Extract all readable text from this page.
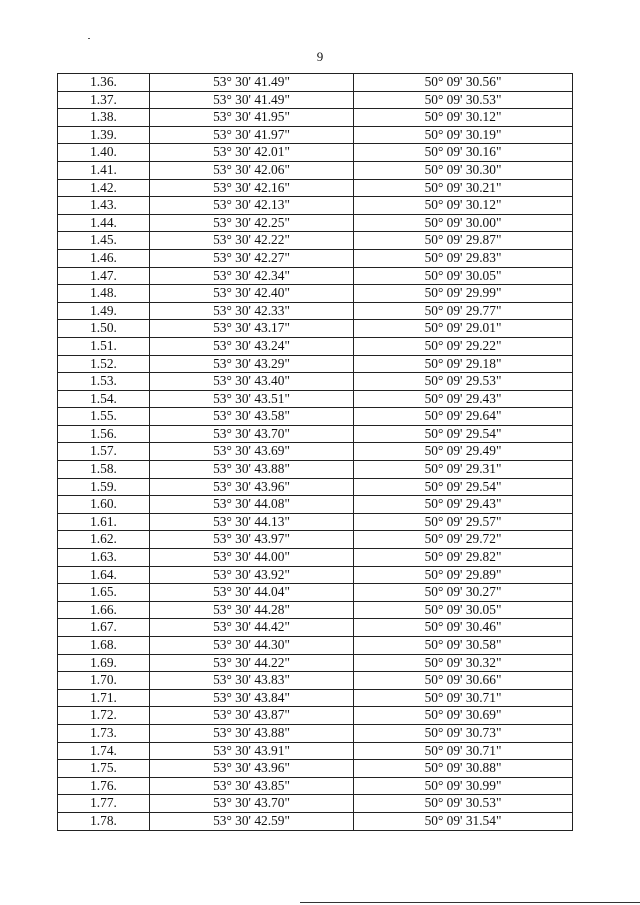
9
1.36.	53° 30' 41.49"	50° 09' 30.56"
1.37.	53° 30' 41.49"	50° 09' 30.53"
1.38.	53° 30' 41.95"	50° 09' 30.12"
1.39.	53° 30' 41.97"	50° 09' 30.19"
1.40.	53° 30' 42.01"	50° 09' 30.16"
1.41.	53° 30' 42.06"	50° 09' 30.30"
1.42.	53° 30' 42.16"	50° 09' 30.21"
1.43.	53° 30' 42.13"	50° 09' 30.12"
1.44.	53° 30' 42.25"	50° 09' 30.00"
1.45.	53° 30' 42.22"	50° 09' 29.87"
1.46.	53° 30' 42.27"	50° 09' 29.83"
1.47.	53° 30' 42.34"	50° 09' 30.05"
1.48.	53° 30' 42.40"	50° 09' 29.99"
1.49.	53° 30' 42.33"	50° 09' 29.77"
1.50.	53° 30' 43.17"	50° 09' 29.01"
1.51.	53° 30' 43.24"	50° 09' 29.22"
1.52.	53° 30' 43.29"	50° 09' 29.18"
1.53.	53° 30' 43.40"	50° 09' 29.53"
1.54.	53° 30' 43.51"	50° 09' 29.43"
1.55.	53° 30' 43.58"	50° 09' 29.64"
1.56.	53° 30' 43.70"	50° 09' 29.54"
1.57.	53° 30' 43.69"	50° 09' 29.49"
1.58.	53° 30' 43.88"	50° 09' 29.31"
1.59.	53° 30' 43.96"	50° 09' 29.54"
1.60.	53° 30' 44.08"	50° 09' 29.43"
1.61.	53° 30' 44.13"	50° 09' 29.57"
1.62.	53° 30' 43.97"	50° 09' 29.72"
1.63.	53° 30' 44.00"	50° 09' 29.82"
1.64.	53° 30' 43.92"	50° 09' 29.89"
1.65.	53° 30' 44.04"	50° 09' 30.27"
1.66.	53° 30' 44.28"	50° 09' 30.05"
1.67.	53° 30' 44.42"	50° 09' 30.46"
1.68.	53° 30' 44.30"	50° 09' 30.58"
1.69.	53° 30' 44.22"	50° 09' 30.32"
1.70.	53° 30' 43.83"	50° 09' 30.66"
1.71.	53° 30' 43.84"	50° 09' 30.71"
1.72.	53° 30' 43.87"	50° 09' 30.69"
1.73.	53° 30' 43.88"	50° 09' 30.73"
1.74.	53° 30' 43.91"	50° 09' 30.71"
1.75.	53° 30' 43.96"	50° 09' 30.88"
1.76.	53° 30' 43.85"	50° 09' 30.99"
1.77.	53° 30' 43.70"	50° 09' 30.53"
1.78.	53° 30' 42.59"	50° 09' 31.54"
